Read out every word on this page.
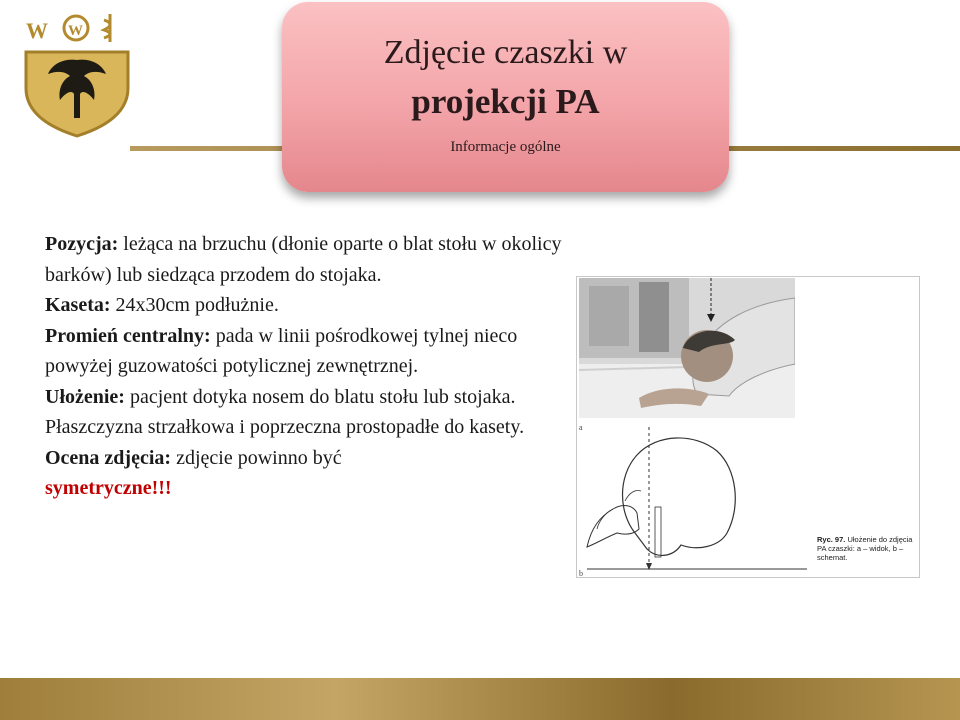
W W
Zdjęcie czaszki w
projekcji PA
Informacje ogólne

Pozycja: leżąca na brzuchu (dłonie oparte o blat stołu w okolicy barków) lub siedząca przodem do stojaka.

Kaseta: 24x30cm podłużnie.

Promień centralny: pada w linii pośrodkowej tylnej nieco powyżej guzowatości potylicznej zewnętrznej.

Ułożenie: pacjent dotyka nosem do blatu stołu lub stojaka. Płaszczyzna strzałkowa i poprzeczna prostopadłe do kasety.

Ocena zdjęcia: zdjęcie powinno być
symetryczne!!!

a
b
Ryc. 97. Ułożenie do zdjęcia PA czaszki: a – widok, b – schemat.
